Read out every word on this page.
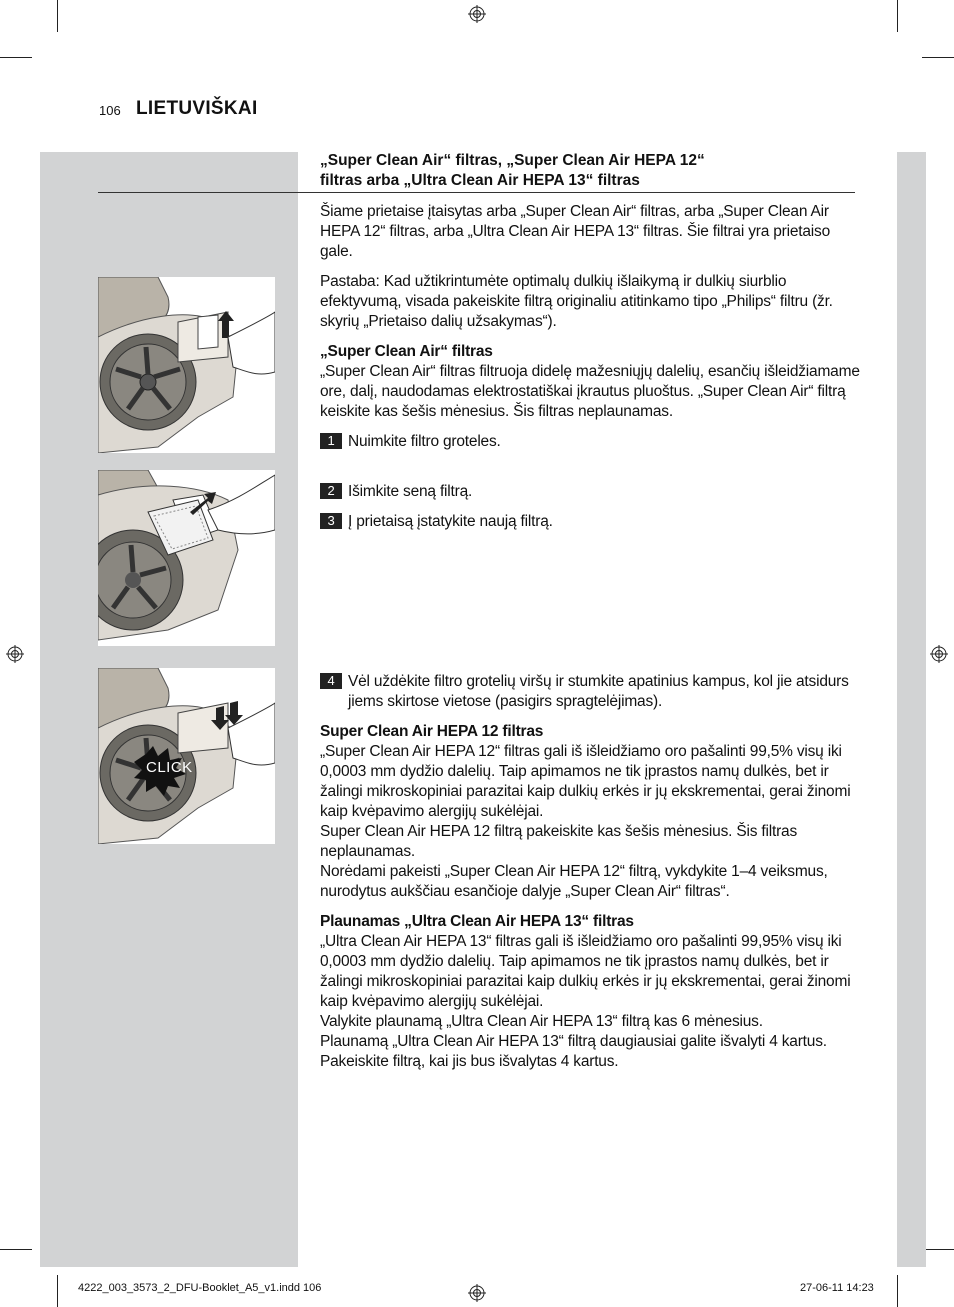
106 LIETUVIŠKAI
„Super Clean Air“ filtras, „Super Clean Air HEPA 12“
filtras arba „Ultra Clean Air HEPA 13“ filtras
Šiame prietaise įtaisytas arba „Super Clean Air“ filtras, arba „Super Clean Air HEPA 12“ filtras, arba „Ultra Clean Air HEPA 13“ filtras. Šie filtrai yra prietaiso gale.
Pastaba: Kad užtikrintumėte optimalų dulkių išlaikymą ir dulkių siurblio efektyvumą, visada pakeiskite filtrą originaliu atitinkamo tipo „Philips“ filtru (žr. skyrių „Prietaiso dalių užsakymas“).
„Super Clean Air“ filtras
„Super Clean Air“ filtras filtruoja didelę mažesniųjų dalelių, esančių išleidžiamame ore, dalį, naudodamas elektrostatiškai įkrautus pluoštus. „Super Clean Air“ filtrą keiskite kas šešis mėnesius. Šis filtras neplaunamas.
1 Nuimkite filtro groteles.
2 Išimkite seną filtrą.
3 Į prietaisą įstatykite naują filtrą.
4 Vėl uždėkite filtro grotelių viršų ir stumkite apatinius kampus, kol jie atsidurs jiems skirtose vietose (pasigirs spragtelėjimas).
Super Clean Air HEPA 12 filtras
„Super Clean Air HEPA 12“ filtras gali iš išleidžiamo oro pašalinti 99,5% visų iki 0,0003 mm dydžio dalelių. Taip apimamos ne tik įprastos namų dulkės, bet ir žalingi mikroskopiniai parazitai kaip dulkių erkės ir jų ekskrementai, gerai žinomi kaip kvėpavimo alergijų sukėlėjai.
Super Clean Air HEPA 12 filtrą pakeiskite kas šešis mėnesius. Šis filtras neplaunamas.
Norėdami pakeisti „Super Clean Air HEPA 12“ filtrą, vykdykite 1–4 veiksmus, nurodytus aukščiau esančioje dalyje „Super Clean Air“ filtras“.
Plaunamas „Ultra Clean Air HEPA 13“ filtras
„Ultra Clean Air HEPA 13“ filtras gali iš išleidžiamo oro pašalinti 99,95% visų iki 0,0003 mm dydžio dalelių. Taip apimamos ne tik įprastos namų dulkės, bet ir žalingi mikroskopiniai parazitai kaip dulkių erkės ir jų ekskrementai, gerai žinomi kaip kvėpavimo alergijų sukėlėjai.
Valykite plaunamą „Ultra Clean Air HEPA 13“ filtrą kas 6 mėnesius.
Plaunamą „Ultra Clean Air HEPA 13“ filtrą daugiausiai galite išvalyti 4 kartus. Pakeiskite filtrą, kai jis bus išvalytas 4 kartus.
CLICK
4222_003_3573_2_DFU-Booklet_A5_v1.indd 106	27-06-11 14:23
